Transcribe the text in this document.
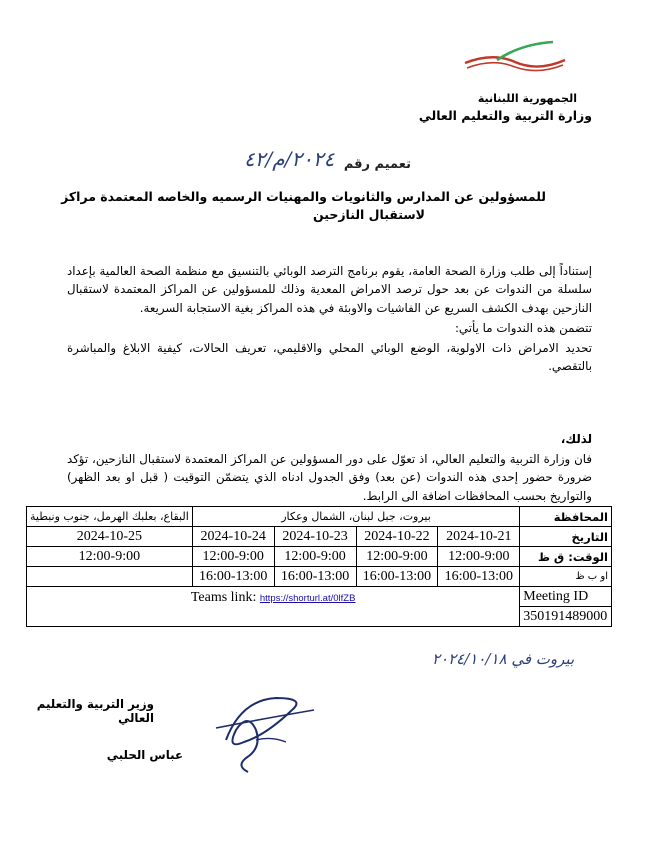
الجمهورية اللبنانية
وزارة التربية والتعليم العالي
تعميم رقم
٢٠٢٤/م/٤٢
للمسؤولين عن المدارس والثانويات والمهنيات الرسميه والخاصه المعتمدة مراكز
لاستقبال النازحين
إستناداً إلى طلب وزارة الصحة العامة، يقوم برنامج الترصد الوبائي بالتنسيق مع منظمة الصحة العالمية بإعداد سلسلة من الندوات عن بعد حول ترصد الامراض المعدية وذلك للمسؤولين عن المراكز المعتمدة لاستقبال النازحين بهدف الكشف السريع عن الفاشيات والاوبئة في هذه المراكز بغية الاستجابة السريعة.
تتضمن هذه الندوات ما يأتي:
تحديد الامراض ذات الاولوية، الوضع الوبائي المحلي والاقليمي، تعريف الحالات، كيفية الابلاغ والمباشرة بالتقصي.
لذلك،
فان وزارة التربية والتعليم العالي، اذ تعوّل على دور المسؤولين عن المراكز المعتمدة لاستقبال النازحين، تؤكد ضرورة حضور إحدى هذه الندوات (عن بعد) وفق الجدول ادناه الذي يتضمّن التوقيت ( قبل او بعد الظهر) والتواريخ بحسب المحافظات اضافة الى الرابط.
البقاع، بعلبك الهرمل، جنوب ونبطية	بيروت، جبل لبنان، الشمال وعكار				المحافظة
2024-10-25	2024-10-24	2024-10-23	2024-10-22	2024-10-21	التاريخ
12:00-9:00	12:00-9:00	12:00-9:00	12:00-9:00	12:00-9:00	الوقت: ق ظ
	16:00-13:00	16:00-13:00	16:00-13:00	16:00-13:00	او ب ظ
Teams link: https://shorturl.at/0lfZB					Meeting ID
					350191489000
بيروت في ٢٠٢٤/١٠/١٨
وزير التربية والتعليم العالي
عباس الحلبي
